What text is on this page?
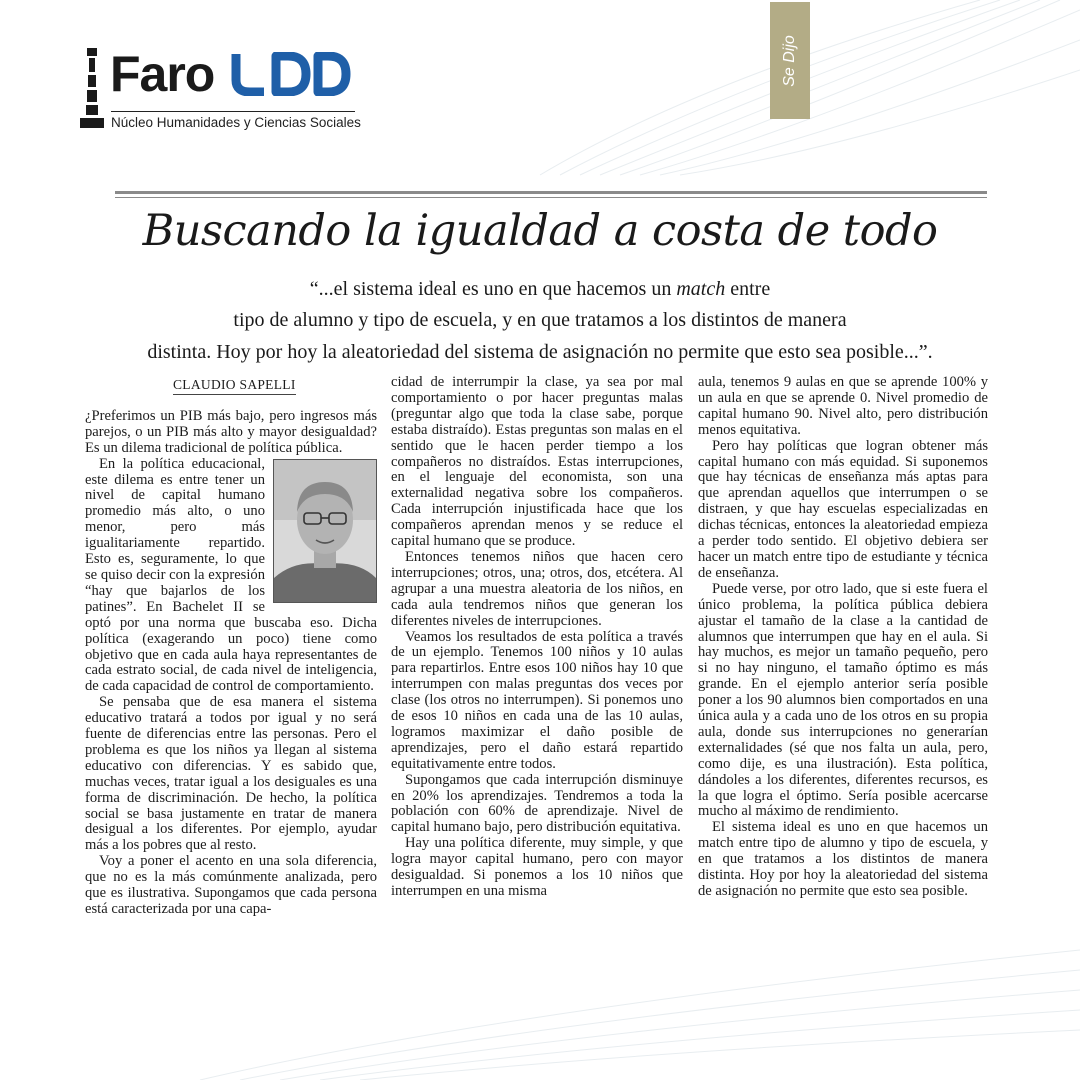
Faro
Núcleo Humanidades y Ciencias Sociales
Se Dijo
Buscando la igualdad a costa de todo
“...el sistema ideal es uno en que hacemos un match entre
tipo de alumno y tipo de escuela, y en que tratamos a los distintos de manera
distinta. Hoy por hoy la aleatoriedad del sistema de asignación no permite que esto sea posible...”.
CLAUDIO SAPELLI

¿Preferimos un PIB más bajo, pero ingresos más parejos, o un PIB más alto y mayor desigualdad? Es un dilema tradicional de política pública.

En la política educacional, este dilema es entre tener un nivel de capital humano promedio más alto, o uno menor, pero más igualitariamente repartido. Esto es, seguramente, lo que se quiso decir con la expresión “hay que bajarlos de los patines”. En Bachelet II se optó por una norma que buscaba eso. Dicha política (exagerando un poco) tiene como objetivo que en cada aula haya representantes de cada estrato social, de cada nivel de inteligencia, de cada capacidad de control de comportamiento.

Se pensaba que de esa manera el sistema educativo tratará a todos por igual y no será fuente de diferencias entre las personas. Pero el problema es que los niños ya llegan al sistema educativo con diferencias. Y es sabido que, muchas veces, tratar igual a los desiguales es una forma de discriminación. De hecho, la política social se basa justamente en tratar de manera desigual a los diferentes. Por ejemplo, ayudar más a los pobres que al resto.

Voy a poner el acento en una sola diferencia, que no es la más comúnmente analizada, pero que es ilustrativa. Supongamos que cada persona está caracterizada por una capa-

cidad de interrumpir la clase, ya sea por mal comportamiento o por hacer preguntas malas (preguntar algo que toda la clase sabe, porque estaba distraído). Estas preguntas son malas en el sentido que le hacen perder tiempo a los compañeros no distraídos. Estas interrupciones, en el lenguaje del economista, son una externalidad negativa sobre los compañeros. Cada interrupción injustificada hace que los compañeros aprendan menos y se reduce el capital humano que se produce.

Entonces tenemos niños que hacen cero interrupciones; otros, una; otros, dos, etcétera. Al agrupar a una muestra aleatoria de los niños, en cada aula tendremos niños que generan los diferentes niveles de interrupciones.

Veamos los resultados de esta política a través de un ejemplo. Tenemos 100 niños y 10 aulas para repartirlos. Entre esos 100 niños hay 10 que interrumpen con malas preguntas dos veces por clase (los otros no interrumpen). Si ponemos uno de esos 10 niños en cada una de las 10 aulas, logramos maximizar el daño posible de aprendizajes, pero el daño estará repartido equitativamente entre todos.

Supongamos que cada interrupción disminuye en 20% los aprendizajes. Tendremos a toda la población con 60% de aprendizaje. Nivel de capital humano bajo, pero distribución equitativa.

Hay una política diferente, muy simple, y que logra mayor capital humano, pero con mayor desigualdad. Si ponemos a los 10 niños que interrumpen en una misma

aula, tenemos 9 aulas en que se aprende 100% y un aula en que se aprende 0. Nivel promedio de capital humano 90. Nivel alto, pero distribución menos equitativa.

Pero hay políticas que logran obtener más capital humano con más equidad. Si suponemos que hay técnicas de enseñanza más aptas para que aprendan aquellos que interrumpen o se distraen, y que hay escuelas especializadas en dichas técnicas, entonces la aleatoriedad empieza a perder todo sentido. El objetivo debiera ser hacer un match entre tipo de estudiante y técnica de enseñanza.

Puede verse, por otro lado, que si este fuera el único problema, la política pública debiera ajustar el tamaño de la clase a la cantidad de alumnos que interrumpen que hay en el aula. Si hay muchos, es mejor un tamaño pequeño, pero si no hay ninguno, el tamaño óptimo es más grande. En el ejemplo anterior sería posible poner a los 90 alumnos bien comportados en una única aula y a cada uno de los otros en su propia aula, donde sus interrupciones no generarían externalidades (sé que nos falta un aula, pero, como dije, es una ilustración). Esta política, dándoles a los diferentes, diferentes recursos, es la que logra el óptimo. Sería posible acercarse mucho al máximo de rendimiento.

El sistema ideal es uno en que hacemos un match entre tipo de alumno y tipo de escuela, y en que tratamos a los distintos de manera distinta. Hoy por hoy la aleatoriedad del sistema de asignación no permite que esto sea posible.
